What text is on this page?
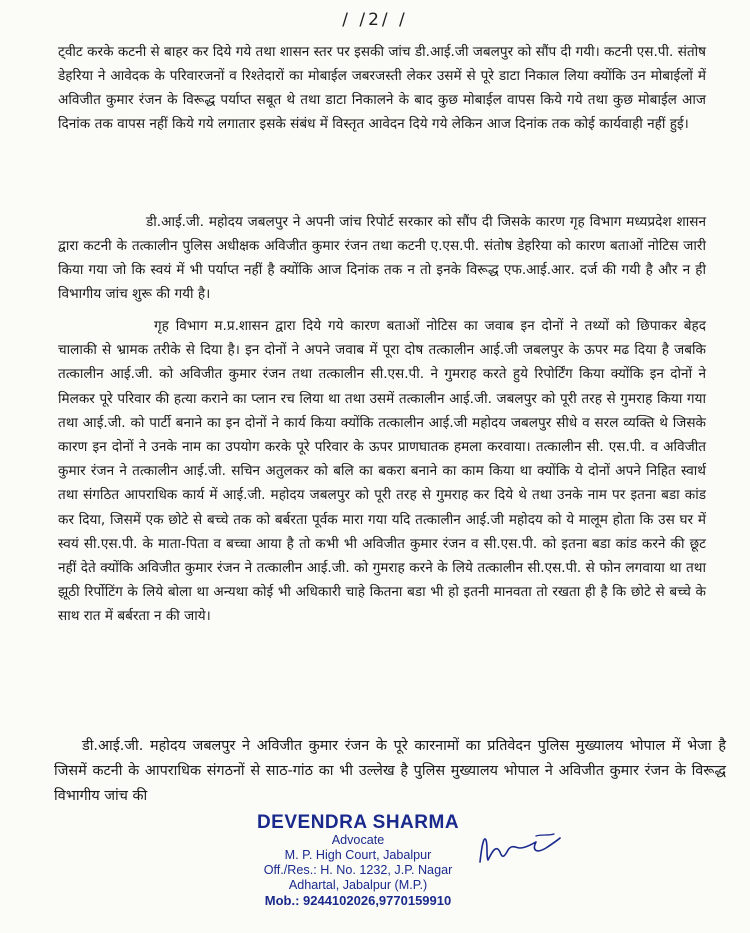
/ /2/ /

ट्वीट करके कटनी से बाहर कर दिये गये तथा शासन स्तर पर इसकी जांच डी.आई.जी जबलपुर को सौंप दी गयी। कटनी एस.पी. संतोष डेहरिया ने आवेदक के परिवारजनों व रिश्तेदारों का मोबाईल जबरजस्ती लेकर उसमें से पूरे डाटा निकाल लिया क्योंकि उन मोबाईलों में अविजीत कुमार रंजन के विरूद्ध पर्याप्त सबूत थे तथा डाटा निकालने के बाद कुछ मोबाईल वापस किये गये तथा कुछ मोबाईल आज दिनांक तक वापस नहीं किये गये लगातार इसके संबंध में विस्तृत आवेदन दिये गये लेकिन आज दिनांक तक कोई कार्यवाही नहीं हुई।

डी.आई.जी. महोदय जबलपुर ने अपनी जांच रिपोर्ट सरकार को सौंप दी जिसके कारण गृह विभाग मध्यप्रदेश शासन द्वारा कटनी के तत्कालीन पुलिस अधीक्षक अविजीत कुमार रंजन तथा कटनी ए.एस.पी. संतोष डेहरिया को कारण बताओं नोटिस जारी किया गया जो कि स्वयं में भी पर्याप्त नहीं है क्योंकि आज दिनांक तक न तो इनके विरूद्ध एफ.आई.आर. दर्ज की गयी है और न ही विभागीय जांच शुरू की गयी है।

गृह विभाग म.प्र.शासन द्वारा दिये गये कारण बताओं नोटिस का जवाब इन दोनों ने तथ्यों को छिपाकर बेहद चालाकी से भ्रामक तरीके से दिया है। इन दोनों ने अपने जवाब में पूरा दोष तत्कालीन आई.जी जबलपुर के ऊपर मढ दिया है जबकि तत्कालीन आई.जी. को अविजीत कुमार रंजन तथा तत्कालीन सी.एस.पी. ने गुमराह करते हुये रिपोर्टिंग किया क्योंकि इन दोनों ने मिलकर पूरे परिवार की हत्या कराने का प्लान रच लिया था तथा उसमें तत्कालीन आई.जी. जबलपुर को पूरी तरह से गुमराह किया गया तथा आई.जी. को पार्टी बनाने का इन दोनों ने कार्य किया क्योंकि तत्कालीन आई.जी महोदय जबलपुर सीधे व सरल व्यक्ति थे जिसके कारण इन दोनों ने उनके नाम का उपयोग करके पूरे परिवार के ऊपर प्राणघातक हमला करवाया। तत्कालीन सी. एस.पी. व अविजीत कुमार रंजन ने तत्कालीन आई.जी. सचिन अतुलकर को बलि का बकरा बनाने का काम किया था क्योंकि ये दोनों अपने निहित स्वार्थ तथा संगठित आपराधिक कार्य में आई.जी. महोदय जबलपुर को पूरी तरह से गुमराह कर दिये थे तथा उनके नाम पर इतना बडा कांड कर दिया, जिसमें एक छोटे से बच्चे तक को बर्बरता पूर्वक मारा गया यदि तत्कालीन आई.जी महोदय को ये मालूम होता कि उस घर में स्वयं सी.एस.पी. के माता-पिता व बच्चा आया है तो कभी भी अविजीत कुमार रंजन व सी.एस.पी. को इतना बडा कांड करने की छूट नहीं देते क्योंकि अविजीत कुमार रंजन ने तत्कालीन आई.जी. को गुमराह करने के लिये तत्कालीन सी.एस.पी. से फोन लगवाया था तथा झूठी रिर्पोटिंग के लिये बोला था अन्यथा कोई भी अधिकारी चाहे कितना बडा भी हो इतनी मानवता तो रखता ही है कि छोटे से बच्चे के साथ रात में बर्बरता न की जाये।

डी.आई.जी. महोदय जबलपुर ने अविजीत कुमार रंजन के पूरे कारनामों का प्रतिवेदन पुलिस मुख्यालय भोपाल में भेजा है जिसमें कटनी के आपराधिक संगठनों से साठ-गांठ का भी उल्लेख है पुलिस मुख्यालय भोपाल ने अविजीत कुमार रंजन के विरूद्ध विभागीय जांच की

DEVENDRA SHARMA
Advocate
M. P. High Court, Jabalpur
Off./Res.: H. No. 1232, J.P. Nagar
Adhartal, Jabalpur (M.P.)
Mob.: 9244102026,9770159910
